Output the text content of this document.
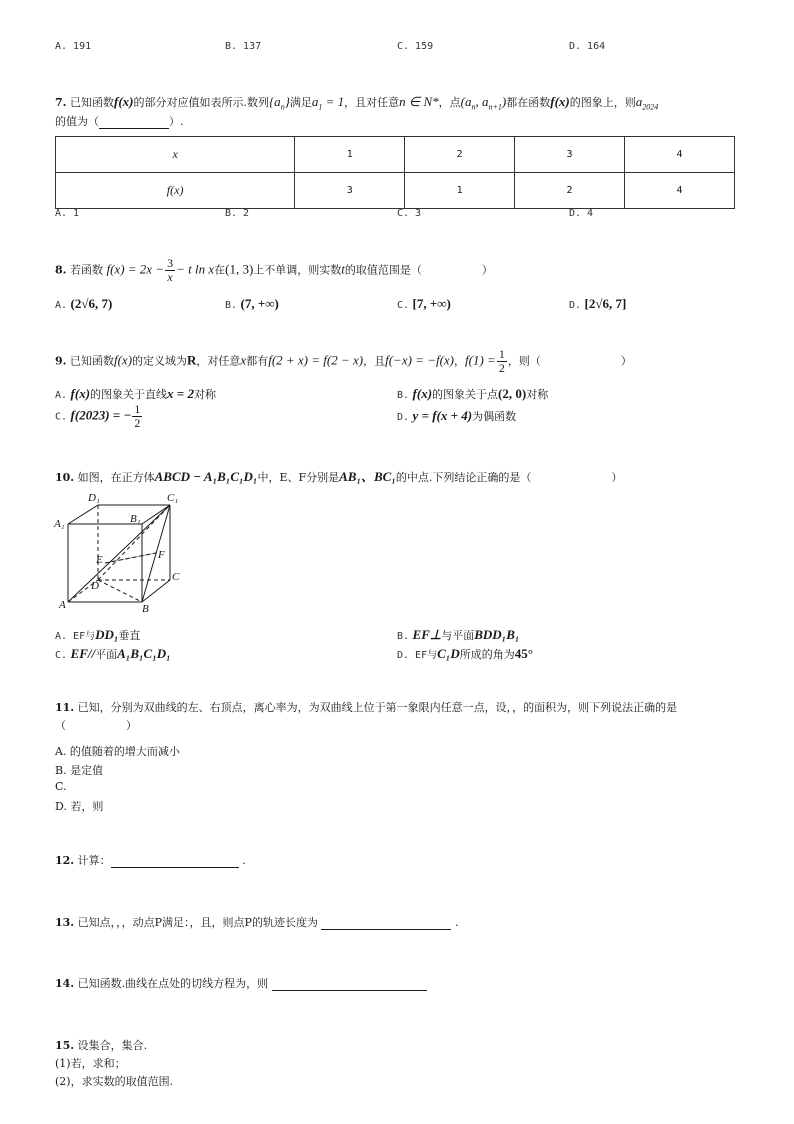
A. 191	B. 137	C. 159	D. 164
7. 已知函数f(x)的部分对应值如表所示.数列$\{a_n\}$满足$a_1 = 1$，且对任意n ∈ N*，点($a_n$, $a_{n+1}$)都在函数f(x)的图象上，则$a_{2024}$
的值为（	）.
x	1	2	3	4
f(x)	3	1	2	4
A. 1	B. 2	C. 3	D. 4
8. 若函数 $f(x) = 2x - \frac{3}{x} - t$ ln x在(1, 3)上不单调，则实数t的取值范围是（	）
A. (2√6, 7)	B. (7, +∞)	C. [7, +∞)	D. [2√6, 7]
9. 已知函数f(x)的定义域为R，对任意x都有f(2 + x) = f(2 − x)，且f(−x) = −f(x)，$f(1) = \frac{1}{2}$ ，则（	）
A. f(x)的图象关于直线x = 2对称	B. f(x)的图象关于点(2, 0)对称
C. f(2023) = − $\frac{1}{2}$	D. y = f(x + 4)为偶函数
10. 如图，在正方体ABCD − A₁B₁C₁D₁中，E、F分别是AB₁、BC₁的中点.下列结论正确的是（	）
D₁	C₁
A₁	B₁
E	F
D
C
A	B
A. EF与DD₁垂直	B. EF⊥与平面BDD₁B₁
C. EF//平面A₁B₁C₁D₁	D. EF与C₁D所成的角为45°
11. 已知，分别为双曲线的左、右顶点，离心率为，为双曲线上位于第一象限内任意一点，设，，的面积为，则下列说法正确的是
（	）
A. 的值随着的增大而减小
B. 是定值
C.
D. 若，则
12. 计算：	.
13. 已知点，，，动点P满足：，且，则点P的轨迹长度为	.
14. 已知函数.曲线在点处的切线方程为，则
15. 设集合，集合.
(1)若，求和；
(2)，求实数的取值范围.
